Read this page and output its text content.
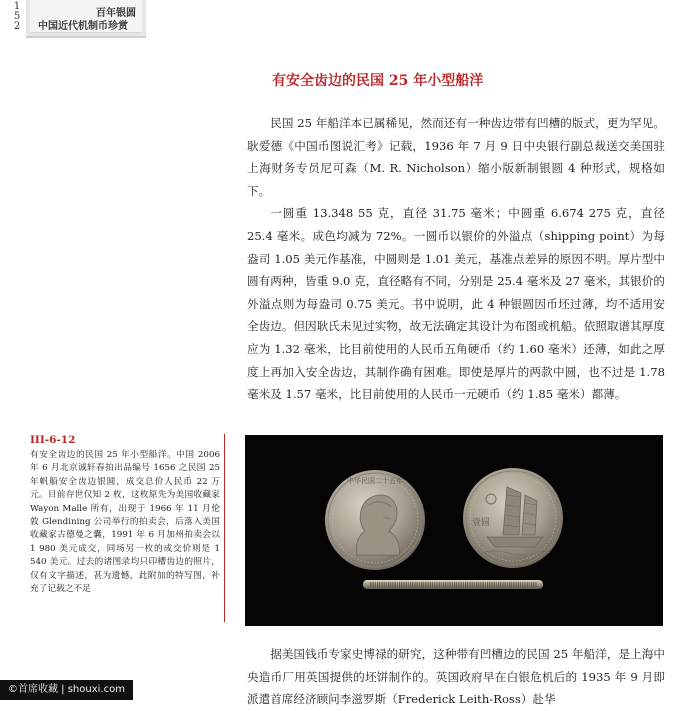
1
5
2
百年银圆
中国近代机制币珍赏
有安全齿边的民国 25 年小型船洋

民国 25 年船洋本已属稀见，然而还有一种齿边带有凹槽的版式，更为罕见。耿爱德《中国币图说汇考》记载，1936 年 7 月 9 日中央银行副总裁送交美国驻上海财务专员尼可森（M. R. Nicholson）缩小版新制银圆 4 种形式，规格如下。

一圆重 13.348 55 克，直径 31.75 毫米；中圆重 6.674 275 克，直径 25.4 毫米。成色均减为 72%。一圆币以银价的外溢点（shipping point）为每盎司 1.05 美元作基准，中圆则是 1.01 美元，基准点差异的原因不明。厚片型中圆有两种，皆重 9.0 克，直径略有不同，分别是 25.4 毫米及 27 毫米，其银价的外溢点则为每盎司 0.75 美元。书中说明，此 4 种银圆因币坯过薄，均不适用安全齿边。但因耿氏未见过实物，故无法确定其设计为布图或机船。依照取谱其厚度应为 1.32 毫米，比目前使用的人民币五角硬币（约 1.60 毫米）还薄，如此之厚度上再加入安全齿边，其制作确有困难。即使是厚片的两款中圆，也不过是 1.78 毫米及 1.57 毫米，比目前使用的人民币一元硬币（约 1.85 毫米）都薄。

III-6-12
有安全齿边的民国 25 年小型船洋。中国 2006 年 6 月北京诚轩春拍出品编号 1656 之民国 25 年帆船安全齿边银圆，成交总价人民币 22 万元。目前存世仅知 2 枚，这枚原先为美国收藏家 Wayon Malle 所有，出现于 1966 年 11 月伦敦 Glendining 公司举行的拍卖会，后落入美国收藏家古德曼之囊，1991 年 6 月加州拍卖会以 1 980 美元成交，同场另一枚的成交价则是 1 540 美元。过去的诸图录均只印槽齿边的照片，仅有文字描述，甚为遗憾，此附加的特写图，补充了记载之不足
中华民国二十五年
壹圆

据美国钱币专家史博禄的研究，这种带有凹槽边的民国 25 年船洋，是上海中央造币厂用英国提供的坯饼制作的。英国政府早在白银危机后的 1935 年 9 月即派遣首席经济顾问李滋罗斯（Frederick Leith-Ross）赴华

©首席收藏 | shouxi.com
